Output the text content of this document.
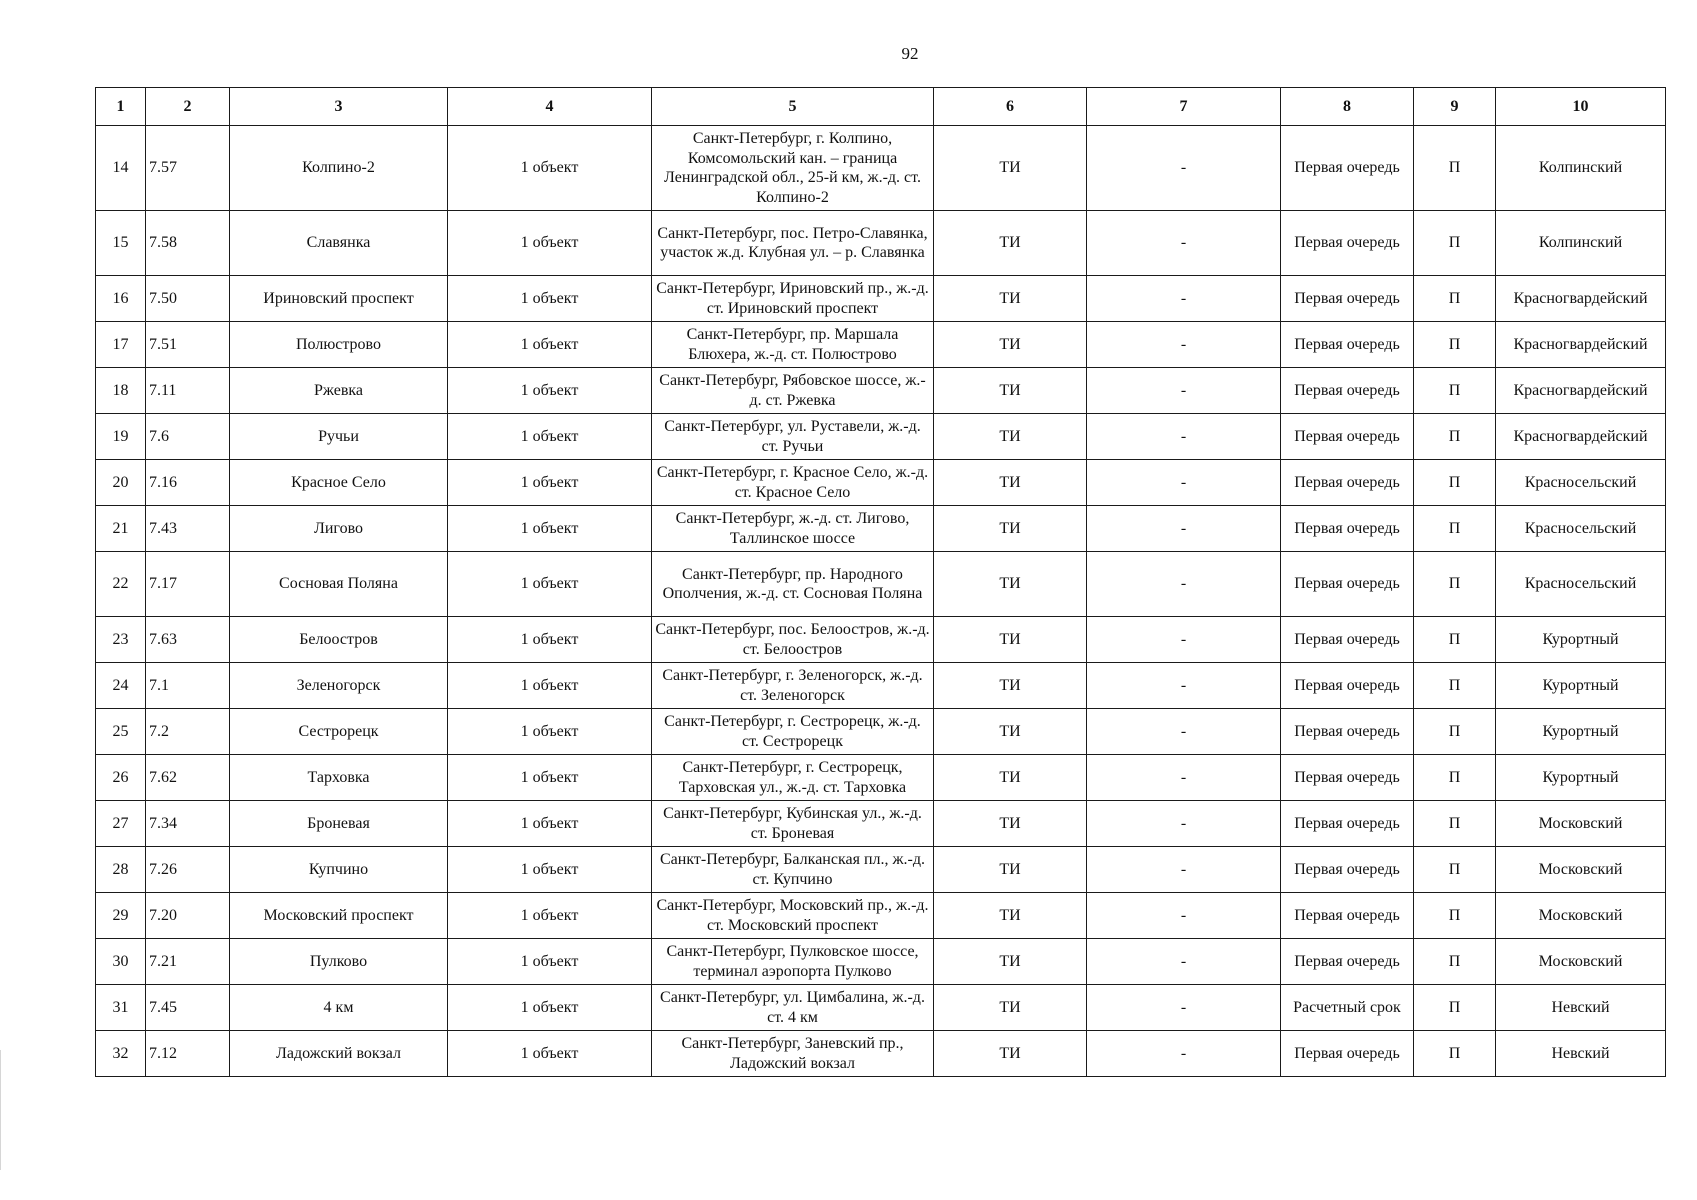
92
1	2	3	4	5	6	7	8	9	10
14	7.57	Колпино-2	1 объект	Санкт-Петербург, г. Колпино, Комсомольский кан. – граница Ленинградской обл., 25-й км, ж.-д. ст. Колпино-2	ТИ	-	Первая очередь	П	Колпинский
15	7.58	Славянка	1 объект	Санкт-Петербург, пос. Петро-Славянка, участок ж.д. Клубная ул. – р. Славянка	ТИ	-	Первая очередь	П	Колпинский
16	7.50	Ириновский проспект	1 объект	Санкт-Петербург, Ириновский пр., ж.-д. ст. Ириновский проспект	ТИ	-	Первая очередь	П	Красногвардейский
17	7.51	Полюстрово	1 объект	Санкт-Петербург, пр. Маршала Блюхера, ж.-д. ст. Полюстрово	ТИ	-	Первая очередь	П	Красногвардейский
18	7.11	Ржевка	1 объект	Санкт-Петербург, Рябовское шоссе, ж.-д. ст. Ржевка	ТИ	-	Первая очередь	П	Красногвардейский
19	7.6	Ручьи	1 объект	Санкт-Петербург, ул. Руставели, ж.-д. ст. Ручьи	ТИ	-	Первая очередь	П	Красногвардейский
20	7.16	Красное Село	1 объект	Санкт-Петербург, г. Красное Село, ж.-д. ст. Красное Село	ТИ	-	Первая очередь	П	Красносельский
21	7.43	Лигово	1 объект	Санкт-Петербург, ж.-д. ст. Лигово, Таллинское шоссе	ТИ	-	Первая очередь	П	Красносельский
22	7.17	Сосновая Поляна	1 объект	Санкт-Петербург, пр. Народного Ополчения, ж.-д. ст. Сосновая Поляна	ТИ	-	Первая очередь	П	Красносельский
23	7.63	Белоостров	1 объект	Санкт-Петербург, пос. Белоостров, ж.-д. ст. Белоостров	ТИ	-	Первая очередь	П	Курортный
24	7.1	Зеленогорск	1 объект	Санкт-Петербург, г. Зеленогорск, ж.-д. ст. Зеленогорск	ТИ	-	Первая очередь	П	Курортный
25	7.2	Сестрорецк	1 объект	Санкт-Петербург, г. Сестрорецк, ж.-д. ст. Сестрорецк	ТИ	-	Первая очередь	П	Курортный
26	7.62	Тарховка	1 объект	Санкт-Петербург, г. Сестрорецк, Тарховская ул., ж.-д. ст. Тарховка	ТИ	-	Первая очередь	П	Курортный
27	7.34	Броневая	1 объект	Санкт-Петербург, Кубинская ул., ж.-д. ст. Броневая	ТИ	-	Первая очередь	П	Московский
28	7.26	Купчино	1 объект	Санкт-Петербург, Балканская пл., ж.-д. ст. Купчино	ТИ	-	Первая очередь	П	Московский
29	7.20	Московский проспект	1 объект	Санкт-Петербург, Московский пр., ж.-д. ст. Московский проспект	ТИ	-	Первая очередь	П	Московский
30	7.21	Пулково	1 объект	Санкт-Петербург, Пулковское шоссе, терминал аэропорта Пулково	ТИ	-	Первая очередь	П	Московский
31	7.45	4 км	1 объект	Санкт-Петербург, ул. Цимбалина, ж.-д. ст. 4 км	ТИ	-	Расчетный срок	П	Невский
32	7.12	Ладожский вокзал	1 объект	Санкт-Петербург, Заневский пр., Ладожский вокзал	ТИ	-	Первая очередь	П	Невский
